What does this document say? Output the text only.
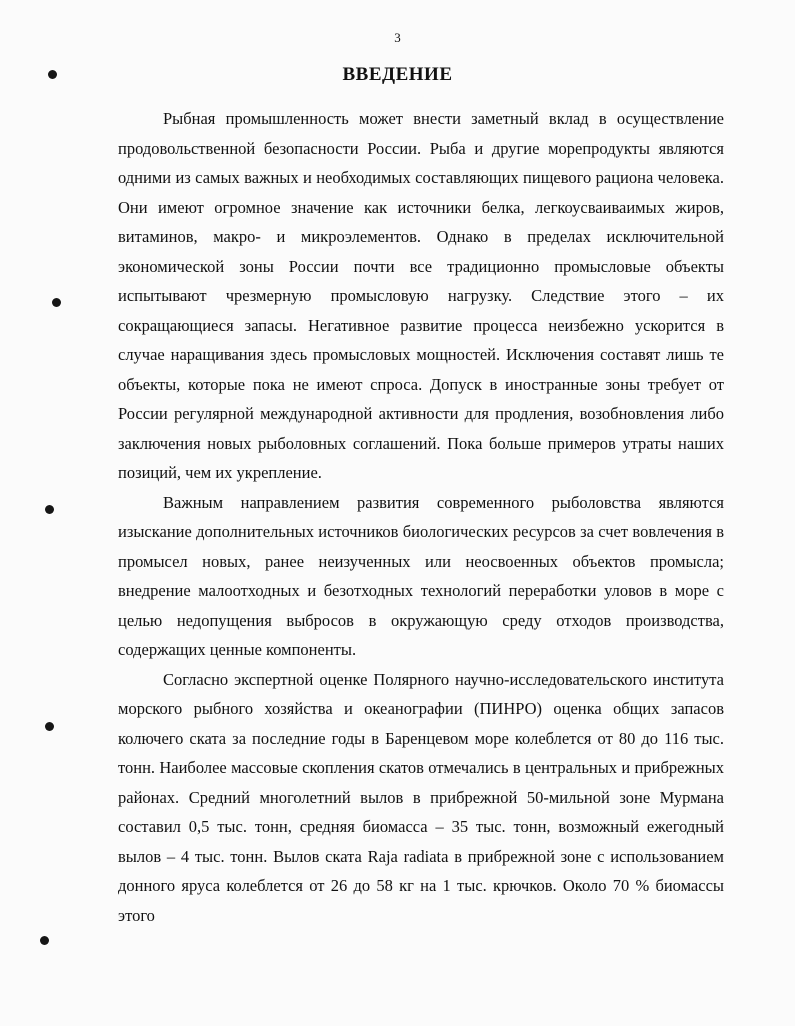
3
ВВЕДЕНИЕ

Рыбная промышленность может внести заметный вклад в осуществление продовольственной безопасности России. Рыба и другие морепродукты являются одними из самых важных и необходимых составляющих пищевого рациона человека. Они имеют огромное значение как источники белка, легкоусваиваимых жиров, витаминов, макро- и микроэлементов. Однако в пределах исключительной экономической зоны России почти все традиционно промысловые объекты испытывают чрезмерную промысловую нагрузку. Следствие этого – их сокращающиеся запасы. Негативное развитие процесса неизбежно ускорится в случае наращивания здесь промысловых мощностей. Исключения составят лишь те объекты, которые пока не имеют спроса. Допуск в иностранные зоны требует от России регулярной международной активности для продления, возобновления либо заключения новых рыболовных соглашений. Пока больше примеров утраты наших позиций, чем их укрепление.

Важным направлением развития современного рыболовства являются изыскание дополнительных источников биологических ресурсов за счет вовлечения в промысел новых, ранее неизученных или неосвоенных объектов промысла; внедрение малоотходных и безотходных технологий переработки уловов в море с целью недопущения выбросов в окружающую среду отходов производства, содержащих ценные компоненты.

Согласно экспертной оценке Полярного научно-исследовательского института морского рыбного хозяйства и океанографии (ПИНРО) оценка общих запасов колючего ската за последние годы в Баренцевом море колеблется от 80 до 116 тыс. тонн. Наиболее массовые скопления скатов отмечались в центральных и прибрежных районах. Средний многолетний вылов в прибрежной 50-мильной зоне Мурмана составил 0,5 тыс. тонн, средняя биомасса – 35 тыс. тонн, возможный ежегодный вылов – 4 тыс. тонн. Вылов ската Raja radiata в прибрежной зоне с использованием донного яруса колеблется от 26 до 58 кг на 1 тыс. крючков. Около 70 % биомассы этого
